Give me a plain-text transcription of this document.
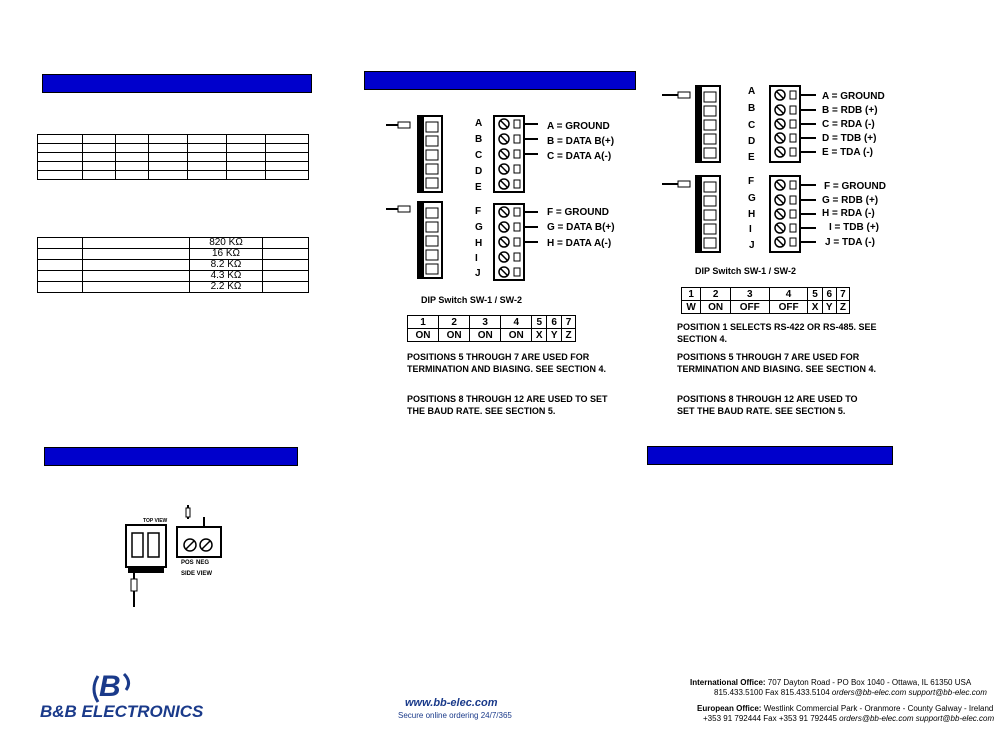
		820 KΩ	
		16 KΩ	
		8.2 KΩ	
		4.3 KΩ	
		2.2 KΩ	
A
B
C
D
E
A = GROUND
B = DATA B(+)
C = DATA A(-)
F
G
H
I
J
F = GROUND
G = DATA B(+)
H = DATA A(-)
DIP Switch SW-1 / SW-2
1	2	3	4	5	6	7
ON	ON	ON	ON	X	Y	Z
POSITIONS 5 THROUGH 7 ARE USED FOR TERMINATION AND BIASING. SEE SECTION 4.
POSITIONS 8 THROUGH 12 ARE USED TO SET THE BAUD RATE. SEE SECTION 5.
A
B
C
D
E
A = GROUND
B = RDB (+)
C = RDA (-)
D = TDB (+)
E = TDA (-)
F
G
H
I
J
F = GROUND
G = RDB (+)
H = RDA (-)
I = TDB (+)
J = TDA (-)
DIP Switch SW-1 / SW-2
1	2	3	4	5	6	7
W	ON	OFF	OFF	X	Y	Z
POSITION 1 SELECTS RS-422 OR RS-485. SEE SECTION 4.
POSITIONS 5 THROUGH 7 ARE USED FOR TERMINATION AND BIASING. SEE SECTION 4.
POSITIONS 8 THROUGH 12 ARE USED TO SET THE BAUD RATE. SEE SECTION 5.
TOP VIEW
POS NEG
SIDE VIEW
B
B&B ELECTRONICS	www.bb-elec.com
Secure online ordering 24/7/365
International Office: 707 Dayton Road - PO Box 1040 - Ottawa, IL 61350 USA
815.433.5100 Fax 815.433.5104 orders@bb-elec.com support@bb-elec.com
European Office: Westlink Commercial Park - Oranmore - County Galway - Ireland
+353 91 792444 Fax +353 91 792445 orders@bb-elec.com support@bb-elec.com
